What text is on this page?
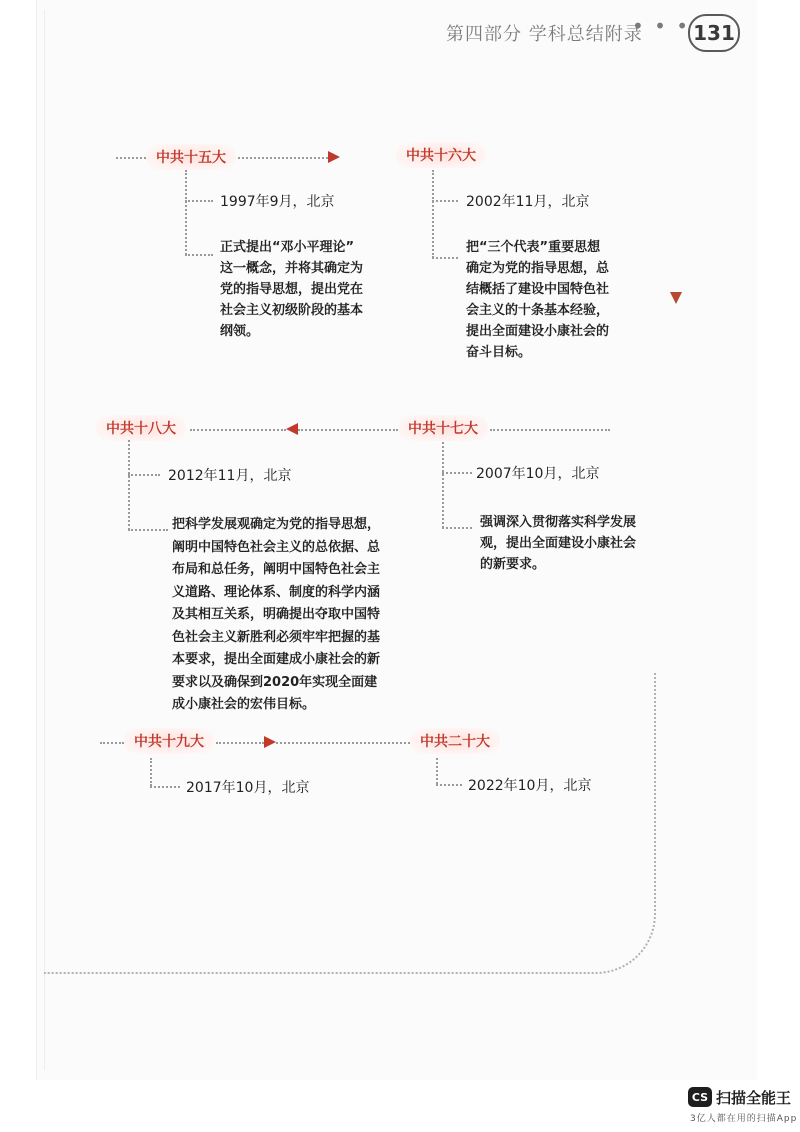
第四部分 学科总结附录
• • • 131
中共十五大	中共十六大
1997年9月，北京
正式提出“邓小平理论”
这一概念，并将其确定为
党的指导思想，提出党在
社会主义初级阶段的基本
纲领。
2002年11月，北京
把“三个代表”重要思想
确定为党的指导思想，总
结概括了建设中国特色社
会主义的十条基本经验，
提出全面建设小康社会的
奋斗目标。
中共十八大	中共十七大
2012年11月，北京
把科学发展观确定为党的指导思想，
阐明中国特色社会主义的总依据、总
布局和总任务，阐明中国特色社会主
义道路、理论体系、制度的科学内涵
及其相互关系，明确提出夺取中国特
色社会主义新胜利必须牢牢把握的基
本要求，提出全面建成小康社会的新
要求以及确保到2020年实现全面建
成小康社会的宏伟目标。
2007年10月，北京
强调深入贯彻落实科学发展
观，提出全面建设小康社会
的新要求。
中共十九大	中共二十大
2017年10月，北京	2022年10月，北京
CS 扫描全能王
3亿人都在用的扫描App
